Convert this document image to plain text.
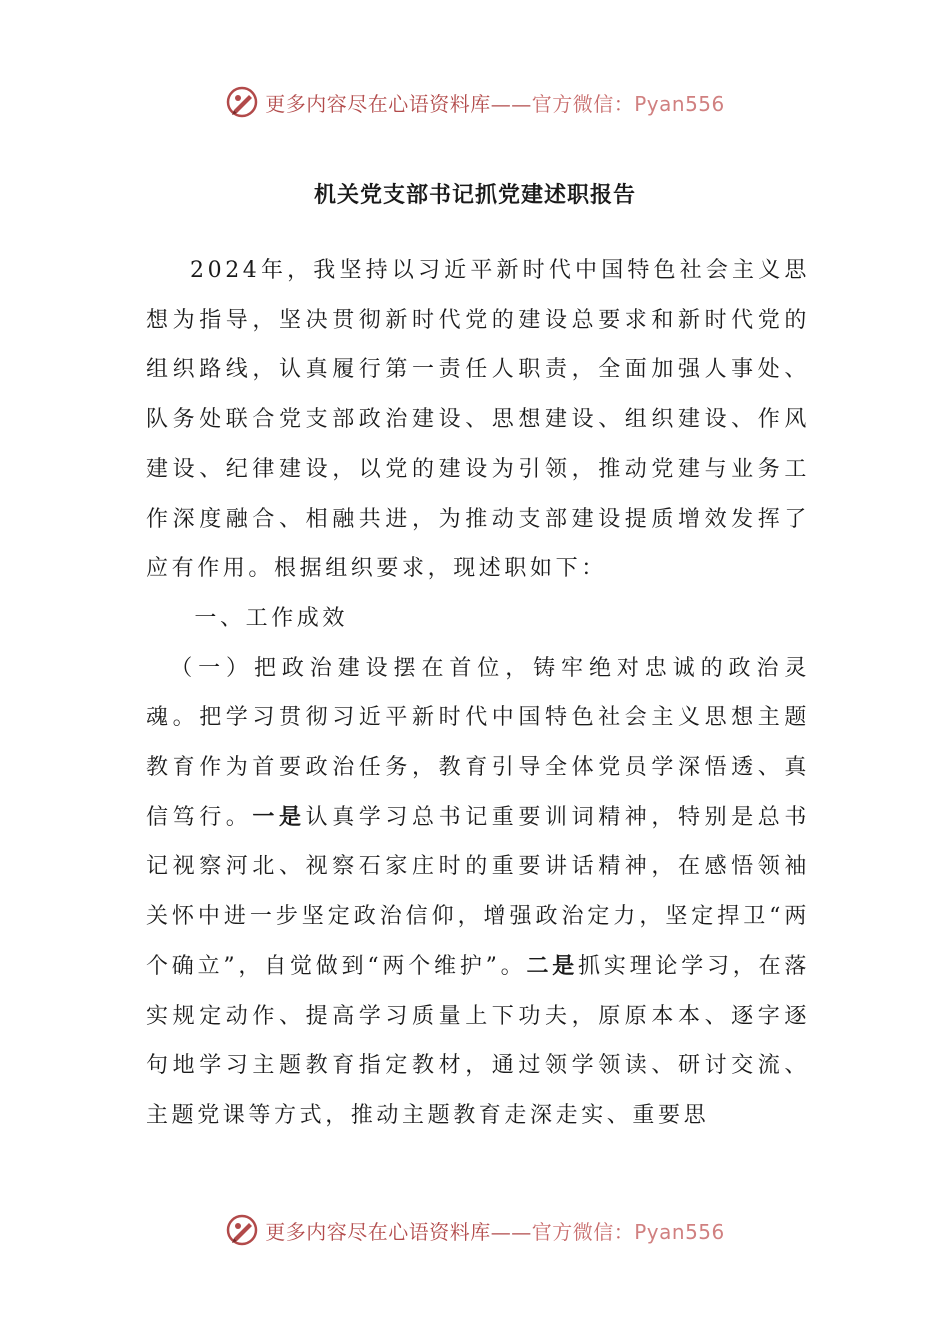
更多内容尽在心语资料库——官方微信：Pyan556
机关党支部书记抓党建述职报告

2024年，我坚持以习近平新时代中国特色社会主义思想为指导，坚决贯彻新时代党的建设总要求和新时代党的组织路线，认真履行第一责任人职责，全面加强人事处、队务处联合党支部政治建设、思想建设、组织建设、作风建设、纪律建设，以党的建设为引领，推动党建与业务工作深度融合、相融共进，为推动支部建设提质增效发挥了应有作用。根据组织要求，现述职如下：

一、工作成效

（一）把政治建设摆在首位，铸牢绝对忠诚的政治灵魂。把学习贯彻习近平新时代中国特色社会主义思想主题教育作为首要政治任务，教育引导全体党员学深悟透、真信笃行。一是认真学习总书记重要训词精神，特别是总书记视察河北、视察石家庄时的重要讲话精神，在感悟领袖关怀中进一步坚定政治信仰，增强政治定力，坚定捍卫“两个确立”，自觉做到“两个维护”。二是抓实理论学习，在落实规定动作、提高学习质量上下功夫，原原本本、逐字逐句地学习主题教育指定教材，通过领学领读、研讨交流、主题党课等方式，推动主题教育走深走实、重要思

更多内容尽在心语资料库——官方微信：Pyan556
